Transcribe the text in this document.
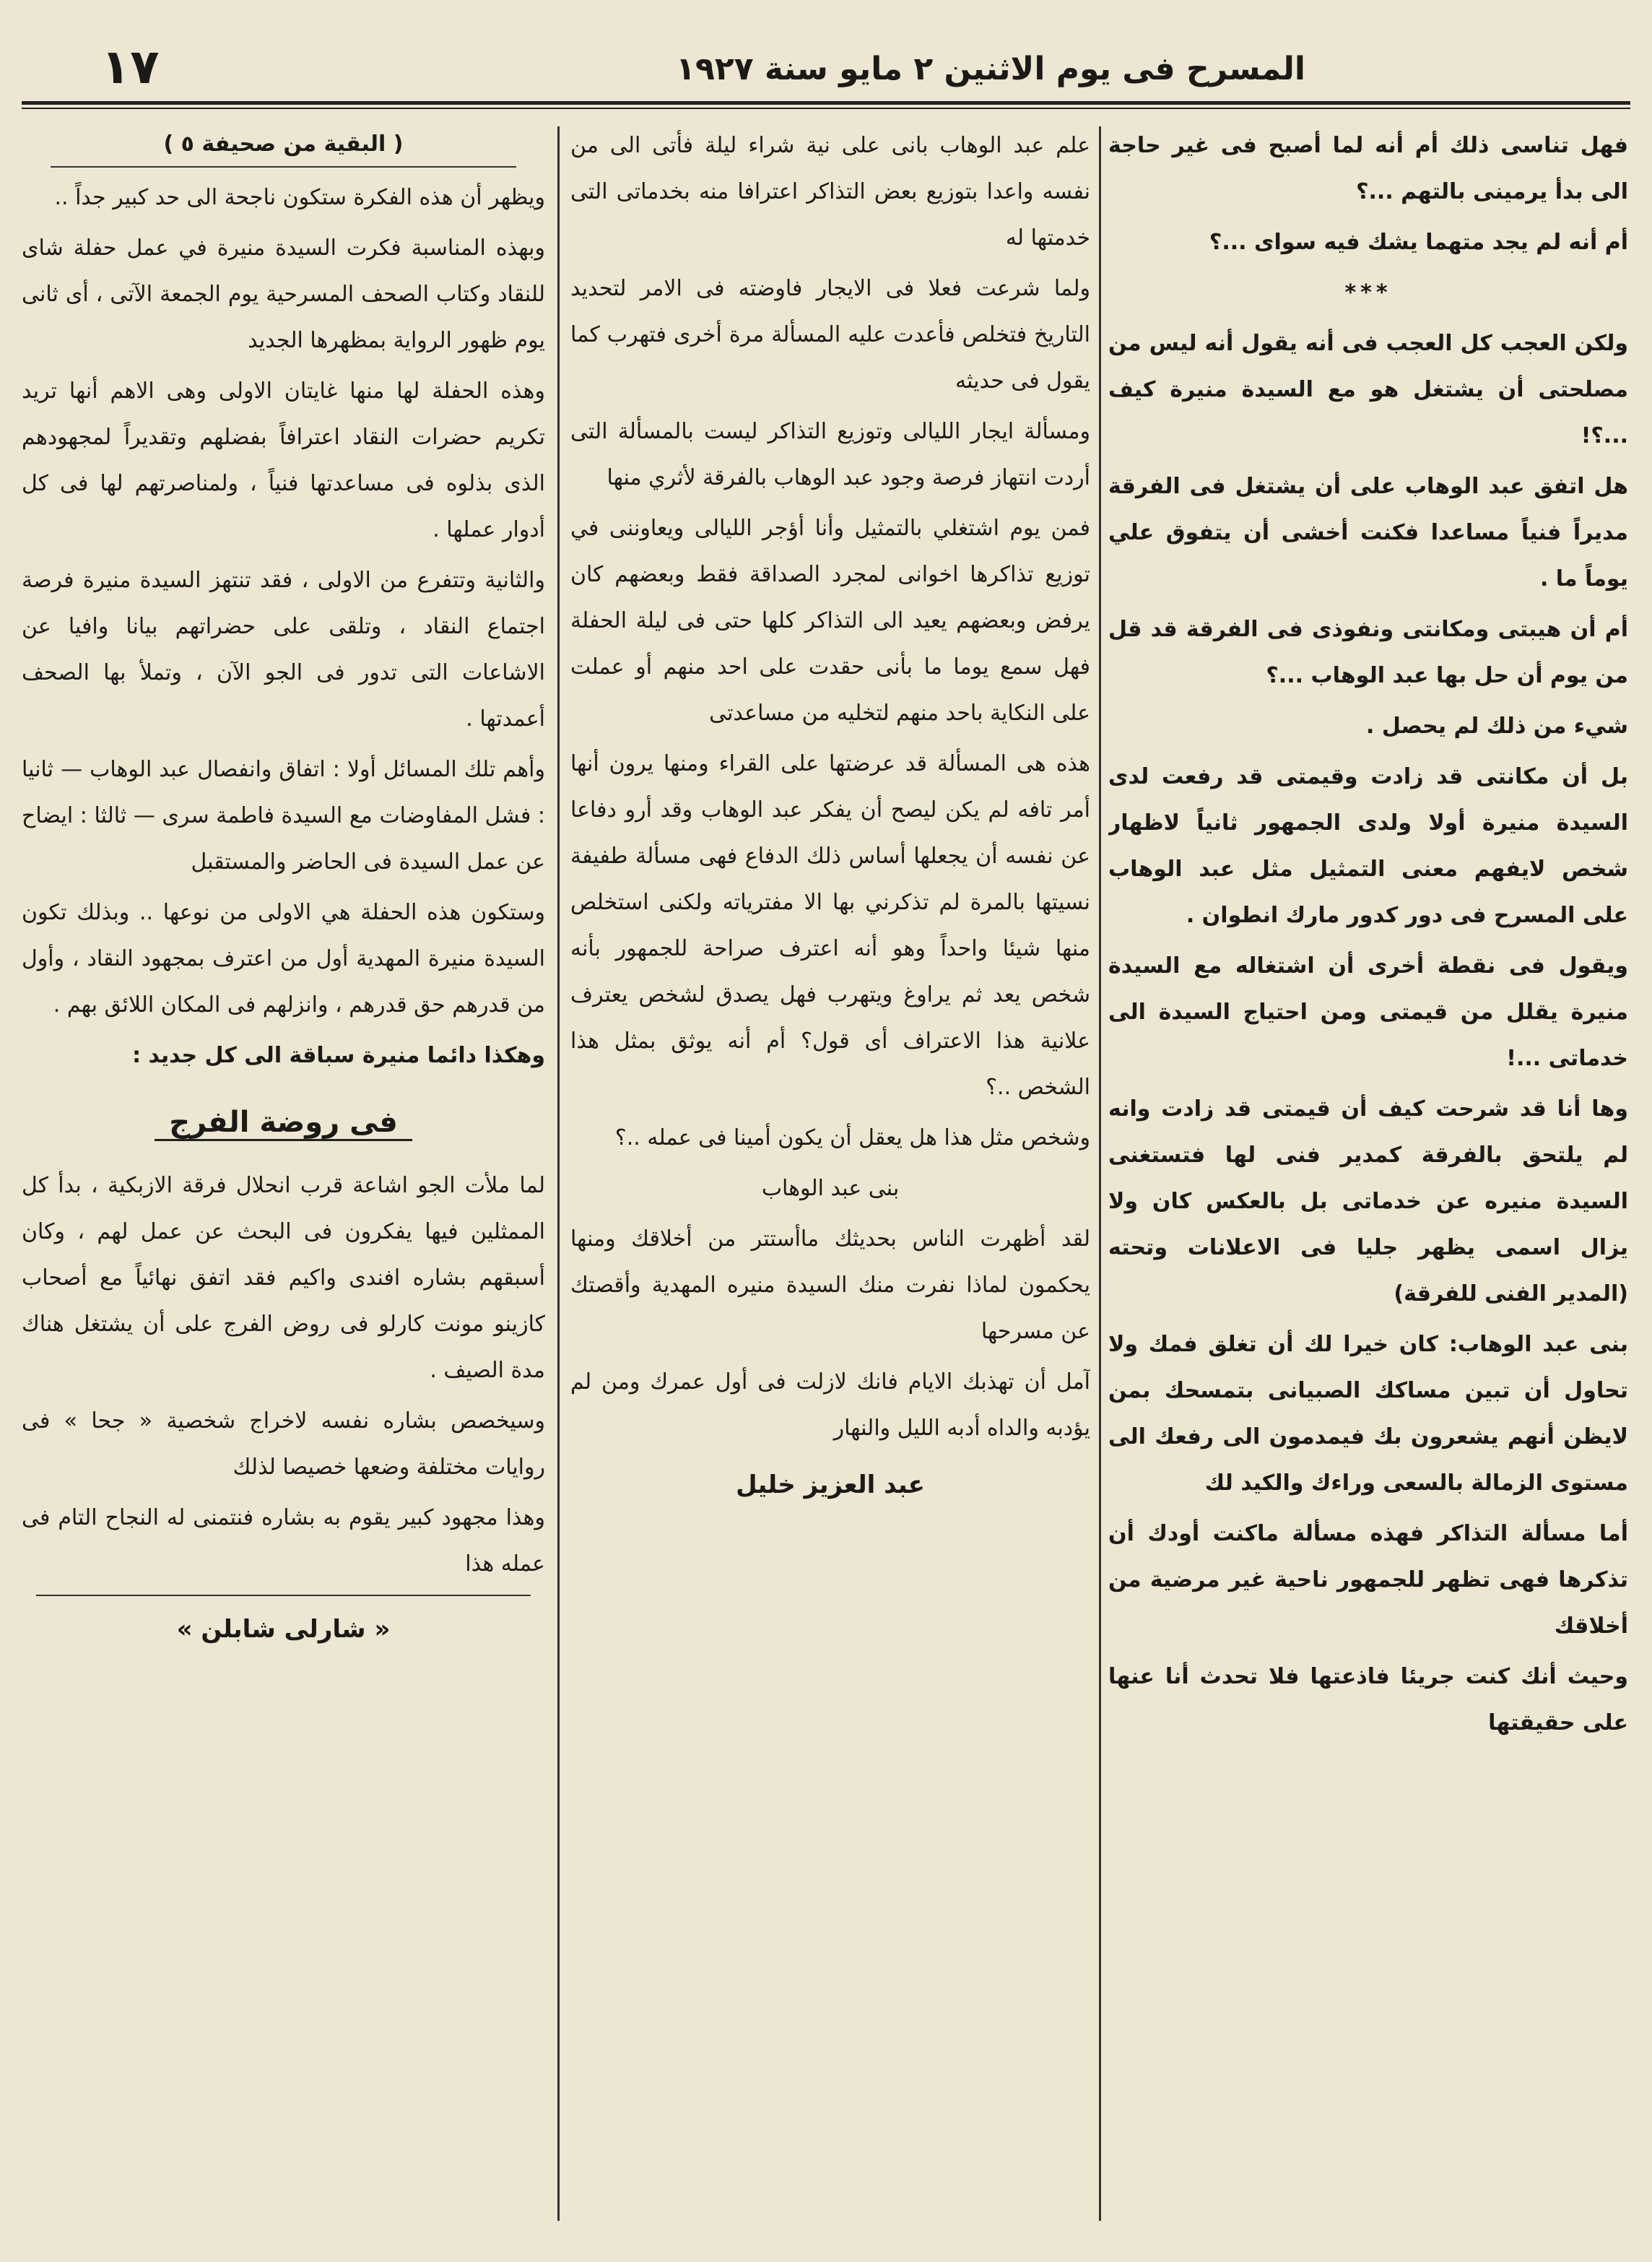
١٧	المسرح فى يوم الاثنين ٢ مايو سنة ١٩٢٧

فهل تناسى ذلك أم أنه لما أصبح فى غير حاجة الى بدأ يرمينى بالتهم ...؟

أم أنه لم يجد متهما يشك فيه سواى ...؟

***

ولكن العجب كل العجب فى أنه يقول أنه ليس من مصلحتى أن يشتغل هو مع السيدة منيرة كيف ...؟!

هل اتفق عبد الوهاب على أن يشتغل فى الفرقة مديراً فنياً مساعدا فكنت أخشى أن يتفوق علي يوماً ما .

أم أن هيبتى ومكانتى ونفوذى فى الفرقة قد قل من يوم أن حل بها عبد الوهاب ...؟

شيء من ذلك لم يحصل .

بل أن مكانتى قد زادت وقيمتى قد رفعت لدى السيدة منيرة أولا ولدى الجمهور ثانياً لاظهار شخص لايفهم معنى التمثيل مثل عبد الوهاب على المسرح فى دور كدور مارك انطوان .

ويقول فى نقطة أخرى أن اشتغاله مع السيدة منيرة يقلل من قيمتى ومن احتياج السيدة الى خدماتى ...!

وها أنا قد شرحت كيف أن قيمتى قد زادت وانه لم يلتحق بالفرقة كمدير فنى لها فتستغنى السيدة منيره عن خدماتى بل بالعكس كان ولا يزال اسمى يظهر جليا فى الاعلانات وتحته (المدير الفنى للفرقة)

بنى عبد الوهاب: كان خيرا لك أن تغلق فمك ولا تحاول أن تبين مساكك الصبيانى بتمسحك بمن لايظن أنهم يشعرون بك فيمدمون الى رفعك الى مستوى الزمالة بالسعى وراءك والكيد لك

أما مسألة التذاكر فهذه مسألة ماكنت أودك أن تذكرها فهى تظهر للجمهور ناحية غير مرضية من أخلاقك

وحيث أنك كنت جريئا فاذعتها فلا تحدث أنا عنها على حقيقتها

علم عبد الوهاب بانى على نية شراء ليلة فأتى الى من نفسه واعدا بتوزيع بعض التذاكر اعترافا منه بخدماتى التى خدمتها له

ولما شرعت فعلا فى الايجار فاوضته فى الامر لتحديد التاريخ فتخلص فأعدت عليه المسألة مرة أخرى فتهرب كما يقول فى حديثه

ومسألة ايجار الليالى وتوزيع التذاكر ليست بالمسألة التى أردت انتهاز فرصة وجود عبد الوهاب بالفرقة لأثري منها

فمن يوم اشتغلي بالتمثيل وأنا أؤجر الليالى ويعاوننى في توزيع تذاكرها اخوانى لمجرد الصداقة فقط وبعضهم كان يرفض وبعضهم يعيد الى التذاكر كلها حتى فى ليلة الحفلة فهل سمع يوما ما بأنى حقدت على احد منهم أو عملت على النكاية باحد منهم لتخليه من مساعدتى

هذه هى المسألة قد عرضتها على القراء ومنها يرون أنها أمر تافه لم يكن ليصح أن يفكر عبد الوهاب وقد أرو دفاعا عن نفسه أن يجعلها أساس ذلك الدفاع فهى مسألة طفيفة نسيتها بالمرة لم تذكرني بها الا مفترياته ولكنى استخلص منها شيئا واحداً وهو أنه اعترف صراحة للجمهور بأنه شخص يعد ثم يراوغ ويتهرب فهل يصدق لشخص يعترف علانية هذا الاعتراف أى قول؟ أم أنه يوثق بمثل هذا الشخص ..؟

وشخص مثل هذا هل يعقل أن يكون أمينا فى عمله ..؟

بنى عبد الوهاب

لقد أظهرت الناس بحديثك ماأستتر من أخلاقك ومنها يحكمون لماذا نفرت منك السيدة منيره المهدية وأقصتك عن مسرحها

آمل أن تهذبك الايام فانك لازلت فى أول عمرك ومن لم يؤدبه والداه أدبه الليل والنهار

عبد العزيز خليل
( البقية من صحيفة ٥ )

ويظهر أن هذه الفكرة ستكون ناجحة الى حد كبير جداً ..

وبهذه المناسبة فكرت السيدة منيرة في عمل حفلة شاى للنقاد وكتاب الصحف المسرحية يوم الجمعة الآتى ، أى ثانى يوم ظهور الرواية بمظهرها الجديد

وهذه الحفلة لها منها غايتان الاولى وهى الاهم أنها تريد تكريم حضرات النقاد اعترافاً بفضلهم وتقديراً لمجهودهم الذى بذلوه فى مساعدتها فنياً ، ولمناصرتهم لها فى كل أدوار عملها .

والثانية وتتفرع من الاولى ، فقد تنتهز السيدة منيرة فرصة اجتماع النقاد ، وتلقى على حضراتهم بيانا وافيا عن الاشاعات التى تدور فى الجو الآن ، وتملأ بها الصحف أعمدتها .

وأهم تلك المسائل أولا : اتفاق وانفصال عبد الوهاب — ثانيا : فشل المفاوضات مع السيدة فاطمة سرى — ثالثا : ايضاح عن عمل السيدة فى الحاضر والمستقبل

وستكون هذه الحفلة هي الاولى من نوعها .. وبذلك تكون السيدة منيرة المهدية أول من اعترف بمجهود النقاد ، وأول من قدرهم حق قدرهم ، وانزلهم فى المكان اللائق بهم .

وهكذا دائما منيرة سباقة الى كل جديد :

فى روضة الفرج

لما ملأت الجو اشاعة قرب انحلال فرقة الازبكية ، بدأ كل الممثلين فيها يفكرون فى البحث عن عمل لهم ، وكان أسبقهم بشاره افندى واكيم فقد اتفق نهائياً مع أصحاب كازينو مونت كارلو فى روض الفرج على أن يشتغل هناك مدة الصيف .

وسيخصص بشاره نفسه لاخراج شخصية « جحا » فى روايات مختلفة وضعها خصيصا لذلك

وهذا مجهود كبير يقوم به بشاره فنتمنى له النجاح التام فى عمله هذا

« شارلى شابلن »
